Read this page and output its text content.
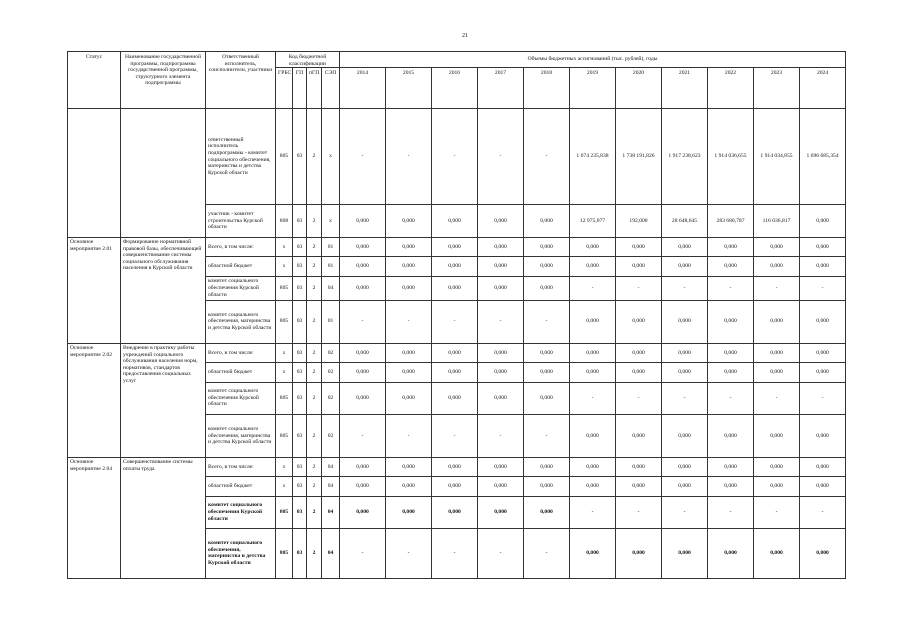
21
Статус	Наименование государственной программы, подпрограммы государственной программы, структурного элемента подпрограммы	Ответственный исполнитель, соисполнители, участники	Код бюджетной классификации				Объемы бюджетных ассигнований (тыс. рублей), годы										
			ГРБС	ГП	пГП	СЭП	2014	2015	2016	2017	2018	2019	2020	2021	2022	2023	2024
		ответственный исполнитель подпрограммы - комитет социального обеспечения, материнства и детства Курской области	805	03	2	х	-	-	-	-	-	1 674 235,838	1 738 191,826	1 917 238,623	1 914 036,655	1 914 034,855	1 696 685,354
		участник - комитет строительства Курской области	808	03	2	х	0,000	0,000	0,000	0,000	0,000	12 975,077	192,000	28 648,645	283 680,787	116 036,817	0,000
Основное мероприятие 2.01	Формирование нормативной правовой базы, обеспечивающей совершенствование системы социального обслуживания населения в Курской области	Всего, в том числе:	х	03	2	01	0,000	0,000	0,000	0,000	0,000	0,000	0,000	0,000	0,000	0,000	0,000
		областной бюджет	х	03	2	01	0,000	0,000	0,000	0,000	0,000	0,000	0,000	0,000	0,000	0,000	0,000
		комитет социального обеспечения Курской области	805	03	2	04	0,000	0,000	0,000	0,000	0,000	-	-	-	-	-	-
		комитет социального обеспечения, материнства и детства Курской области	805	03	2	01	-	-	-	-	-	0,000	0,000	0,000	0,000	0,000	0,000
Основное мероприятие 2.02	Внедрение в практику работы учреждений социального обслуживания населения норм, нормативов, стандартов предоставления социальных услуг	Всего, в том числе:	х	03	2	02	0,000	0,000	0,000	0,000	0,000	0,000	0,000	0,000	0,000	0,000	0,000
		областной бюджет	х	03	2	02	0,000	0,000	0,000	0,000	0,000	0,000	0,000	0,000	0,000	0,000	0,000
		комитет социального обеспечения Курской области	805	03	2	02	0,000	0,000	0,000	0,000	0,000	-	-	-	-	-	-
		комитет социального обеспечения, материнства и детства Курской области	805	03	2	02	-	-	-	-	-	0,000	0,000	0,000	0,000	0,000	0,000
Основное мероприятие 2.04	Совершенствование системы оплаты труда	Всего, в том числе:	х	03	2	04	0,000	0,000	0,000	0,000	0,000	0,000	0,000	0,000	0,000	0,000	0,000
		областной бюджет	х	03	2	04	0,000	0,000	0,000	0,000	0,000	0,000	0,000	0,000	0,000	0,000	0,000
		комитет социального обеспечения Курской области	805	03	2	04	0,000	0,000	0,000	0,000	0,000	-	-	-	-	-	-
		комитет социального обеспечения, материнства и детства Курской области	805	03	2	04	-	-	-	-	-	0,000	0,000	0,000	0,000	0,000	0,000
